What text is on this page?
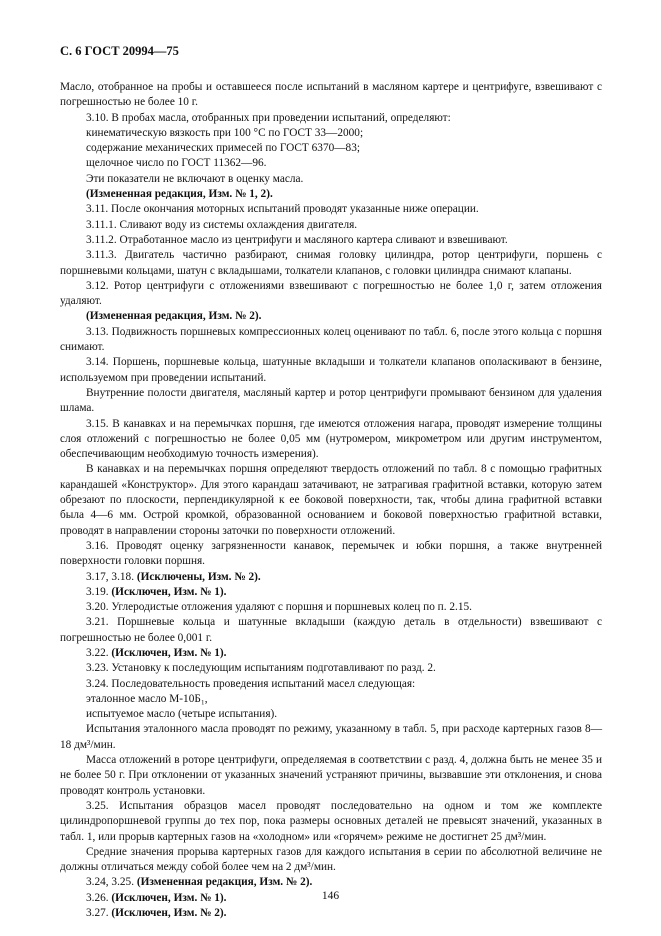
С. 6 ГОСТ 20994—75
Масло, отобранное на пробы и оставшееся после испытаний в масляном картере и центрифуге, взвешивают с погрешностью не более 10 г.
3.10. В пробах масла, отобранных при проведении испытаний, определяют:
кинематическую вязкость при 100 °С по ГОСТ 33—2000;
содержание механических примесей по ГОСТ 6370—83;
щелочное число по ГОСТ 11362—96.
Эти показатели не включают в оценку масла.
(Измененная редакция, Изм. № 1, 2).
3.11. После окончания моторных испытаний проводят указанные ниже операции.
3.11.1. Сливают воду из системы охлаждения двигателя.
3.11.2. Отработанное масло из центрифуги и масляного картера сливают и взвешивают.
3.11.3. Двигатель частично разбирают, снимая головку цилиндра, ротор центрифуги, поршень с поршневыми кольцами, шатун с вкладышами, толкатели клапанов, с головки цилиндра снимают клапаны.
3.12. Ротор центрифуги с отложениями взвешивают с погрешностью не более 1,0 г, затем отложения удаляют.
(Измененная редакция, Изм. № 2).
3.13. Подвижность поршневых компрессионных колец оценивают по табл. 6, после этого кольца с поршня снимают.
3.14. Поршень, поршневые кольца, шатунные вкладыши и толкатели клапанов ополаскивают в бензине, используемом при проведении испытаний.
Внутренние полости двигателя, масляный картер и ротор центрифуги промывают бензином для удаления шлама.
3.15. В канавках и на перемычках поршня, где имеются отложения нагара, проводят измерение толщины слоя отложений с погрешностью не более 0,05 мм (нутромером, микрометром или другим инструментом, обеспечивающим необходимую точность измерения).
В канавках и на перемычках поршня определяют твердость отложений по табл. 8 с помощью графитных карандашей «Конструктор». Для этого карандаш затачивают, не затрагивая графитной вставки, которую затем обрезают по плоскости, перпендикулярной к ее боковой поверхности, так, чтобы длина графитной вставки была 4—6 мм. Острой кромкой, образованной основанием и боковой поверхностью графитной вставки, проводят в направлении стороны заточки по поверхности отложений.
3.16. Проводят оценку загрязненности канавок, перемычек и юбки поршня, а также внутренней поверхности головки поршня.
3.17, 3.18. (Исключены, Изм. № 2).
3.19. (Исключен, Изм. № 1).
3.20. Углеродистые отложения удаляют с поршня и поршневых колец по п. 2.15.
3.21. Поршневые кольца и шатунные вкладыши (каждую деталь в отдельности) взвешивают с погрешностью не более 0,001 г.
3.22. (Исключен, Изм. № 1).
3.23. Установку к последующим испытаниям подготавливают по разд. 2.
3.24. Последовательность проведения испытаний масел следующая:
эталонное масло М-10Б₁,
испытуемое масло (четыре испытания).
Испытания эталонного масла проводят по режиму, указанному в табл. 5, при расходе картерных газов 8—18 дм³/мин.
Масса отложений в роторе центрифуги, определяемая в соответствии с разд. 4, должна быть не менее 35 и не более 50 г. При отклонении от указанных значений устраняют причины, вызвавшие эти отклонения, и снова проводят контроль установки.
3.25. Испытания образцов масел проводят последовательно на одном и том же комплекте цилиндропоршневой группы до тех пор, пока размеры основных деталей не превысят значений, указанных в табл. 1, или прорыв картерных газов на «холодном» или «горячем» режиме не достигнет 25 дм³/мин.
Средние значения прорыва картерных газов для каждого испытания в серии по абсолютной величине не должны отличаться между собой более чем на 2 дм³/мин.
3.24, 3.25. (Измененная редакция, Изм. № 2).
3.26. (Исключен, Изм. № 1).
3.27. (Исключен, Изм. № 2).
146
